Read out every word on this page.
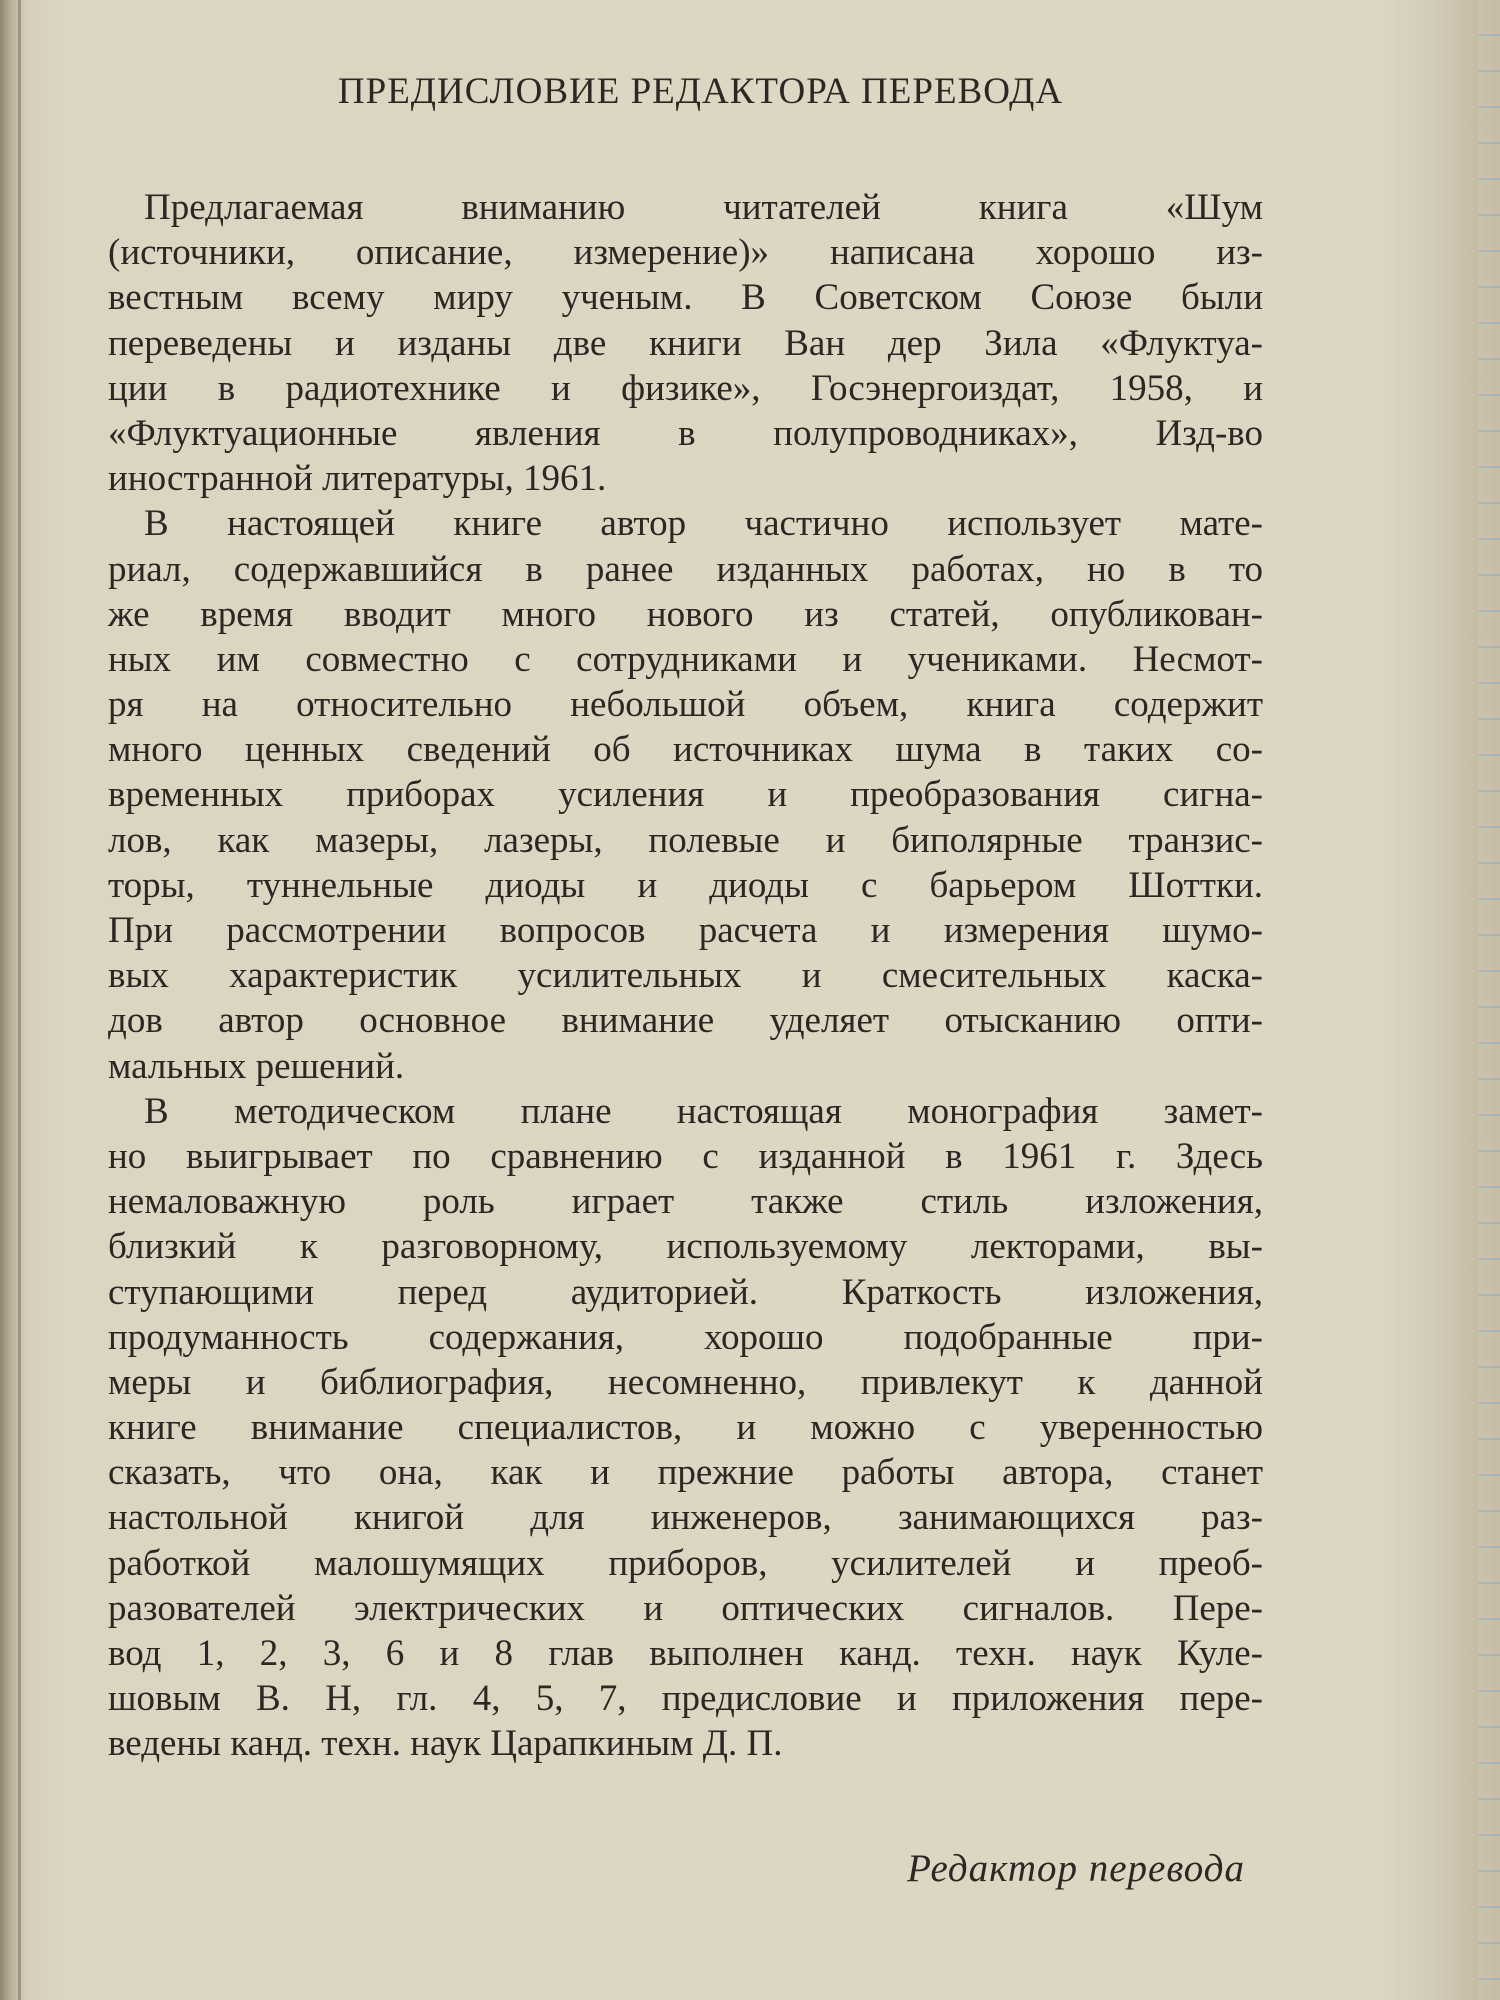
ПРЕДИСЛОВИЕ РЕДАКТОРА ПЕРЕВОДА

Предлагаемая вниманию читателей книга «Шум
(источники, описание, измерение)» написана хорошо из-
вестным всему миру ученым. В Советском Союзе были
переведены и изданы две книги Ван дер Зила «Флуктуа-
ции в радиотехнике и физике», Госэнергоиздат, 1958, и
«Флуктуационные явления в полупроводниках», Изд-во
иностранной литературы, 1961.

В настоящей книге автор частично использует мате-
риал, содержавшийся в ранее изданных работах, но в то
же время вводит много нового из статей, опубликован-
ных им совместно с сотрудниками и учениками. Несмот-
ря на относительно небольшой объем, книга содержит
много ценных сведений об источниках шума в таких со-
временных приборах усиления и преобразования сигна-
лов, как мазеры, лазеры, полевые и биполярные транзис-
торы, туннельные диоды и диоды с барьером Шоттки.
При рассмотрении вопросов расчета и измерения шумо-
вых характеристик усилительных и смесительных каска-
дов автор основное внимание уделяет отысканию опти-
мальных решений.

В методическом плане настоящая монография замет-
но выигрывает по сравнению с изданной в 1961 г. Здесь
немаловажную роль играет также стиль изложения,
близкий к разговорному, используемому лекторами, вы-
ступающими перед аудиторией. Краткость изложения,
продуманность содержания, хорошо подобранные при-
меры и библиография, несомненно, привлекут к данной
книге внимание специалистов, и можно с уверенностью
сказать, что она, как и прежние работы автора, станет
настольной книгой для инженеров, занимающихся раз-
работкой малошумящих приборов, усилителей и преоб-
разователей электрических и оптических сигналов. Пере-
вод 1, 2, 3, 6 и 8 глав выполнен канд. техн. наук Куле-
шовым В. Н, гл. 4, 5, 7, предисловие и приложения пере-
ведены канд. техн. наук Царапкиным Д. П.

Редактор перевода
